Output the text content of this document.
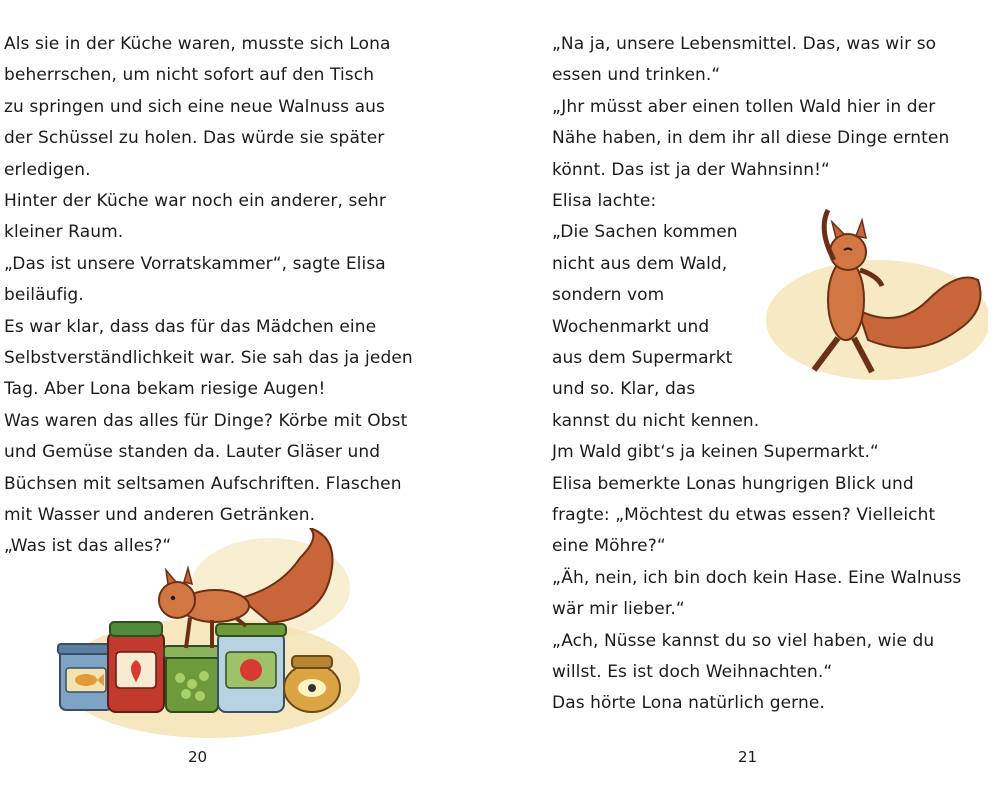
Als sie in der Küche waren, musste sich Lona
beherrschen, um nicht sofort auf den Tisch
zu springen und sich eine neue Walnuss aus
der Schüssel zu holen. Das würde sie später
erledigen.
Hinter der Küche war noch ein anderer, sehr
kleiner Raum.
„Das ist unsere Vorratskammer“, sagte Elisa
beiläufig.
Es war klar, dass das für das Mädchen eine
Selbstverständlichkeit war. Sie sah das ja jeden
Tag. Aber Lona bekam riesige Augen!
Was waren das alles für Dinge? Körbe mit Obst
und Gemüse standen da. Lauter Gläser und
Büchsen mit seltsamen Aufschriften. Flaschen
mit Wasser und anderen Getränken.
„Was ist das alles?“
20
„Na ja, unsere Lebensmittel. Das, was wir so
essen und trinken.“
„Jhr müsst aber einen tollen Wald hier in der
Nähe haben, in dem ihr all diese Dinge ernten
könnt. Das ist ja der Wahnsinn!“
Elisa lachte:
„Die Sachen kommen
nicht aus dem Wald,
sondern vom
Wochenmarkt und
aus dem Supermarkt
und so. Klar, das
kannst du nicht kennen.
Jm Wald gibt‘s ja keinen Supermarkt.“
Elisa bemerkte Lonas hungrigen Blick und
fragte: „Möchtest du etwas essen? Vielleicht
eine Möhre?“
„Äh, nein, ich bin doch kein Hase. Eine Walnuss
wär mir lieber.“
„Ach, Nüsse kannst du so viel haben, wie du
willst. Es ist doch Weihnachten.“
Das hörte Lona natürlich gerne.
21
